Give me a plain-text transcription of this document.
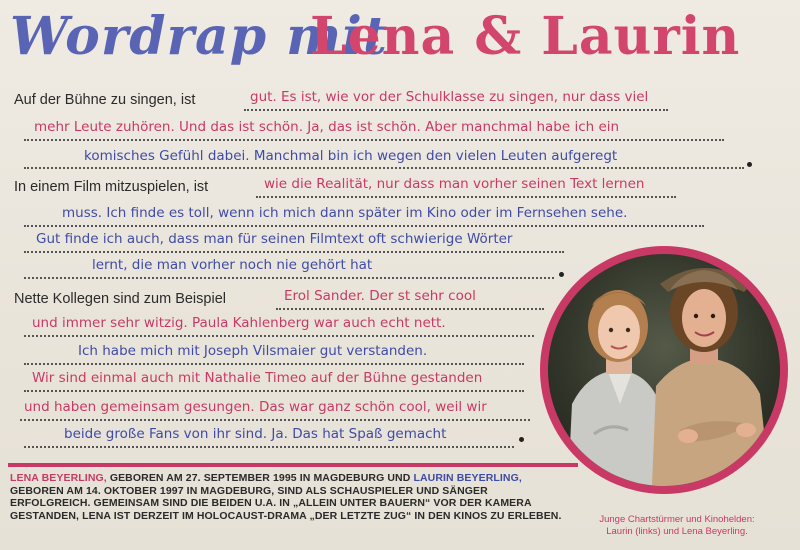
Wordrap mit
Lena & Laurin
Auf der Bühne zu singen, ist	gut. Es ist, wie vor der Schulklasse zu singen, nur dass viel
mehr Leute zuhören. Und das ist schön. Ja, das ist schön. Aber manchmal habe ich ein
komisches Gefühl dabei. Manchmal bin ich wegen den vielen Leuten aufgeregt
In einem Film mitzuspielen, ist	wie die Realität, nur dass man vorher seinen Text lernen
muss. Ich finde es toll, wenn ich mich dann später im Kino oder im Fernsehen sehe.
Gut finde ich auch, dass man für seinen Filmtext oft schwierige Wörter
lernt, die man vorher noch nie gehört hat
Nette Kollegen sind zum Beispiel	Erol Sander. Der st sehr cool
und immer sehr witzig. Paula Kahlenberg war auch echt nett.
Ich habe mich mit Joseph Vilsmaier gut verstanden.
Wir sind einmal auch mit Nathalie Timeo auf der Bühne gestanden
und haben gemeinsam gesungen. Das war ganz schön cool, weil wir
beide große Fans von ihr sind. Ja. Das hat Spaß gemacht
LENA BEYERLING, GEBOREN AM 27. SEPTEMBER 1995 IN MAGDEBURG UND LAURIN BEYERLING, GEBOREN AM 14. OKTOBER 1997 IN MAGDEBURG, SIND ALS SCHAUSPIELER UND SÄNGER ERFOLGREICH. GEMEINSAM SIND DIE BEIDEN U.A. IN „ALLEIN UNTER BAUERN“ VOR DER KAMERA GESTANDEN, LENA IST DERZEIT IM HOLOCAUST-DRAMA „DER LETZTE ZUG“ IN DEN KINOS ZU ERLEBEN.	Junge Chartstürmer und Kinohelden:
Laurin (links) und Lena Beyerling.
